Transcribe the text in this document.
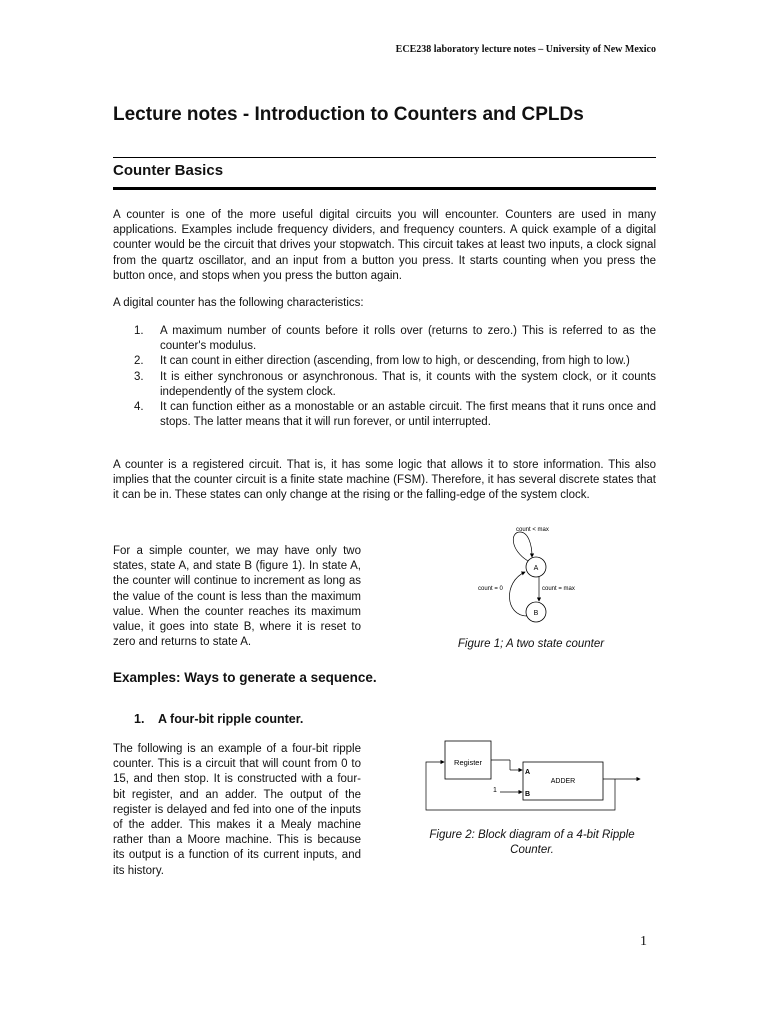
ECE238 laboratory lecture notes – University of New Mexico
Lecture notes - Introduction to Counters and CPLDs
Counter Basics
A counter is one of the more useful digital circuits you will encounter. Counters are used in many applications. Examples include frequency dividers, and frequency counters. A quick example of a digital counter would be the circuit that drives your stopwatch. This circuit takes at least two inputs, a clock signal from the quartz oscillator, and an input from a button you press. It starts counting when you press the button once, and stops when you press the button again.
A digital counter has the following characteristics:
1. A maximum number of counts before it rolls over (returns to zero.) This is referred to as the counter's modulus.
2. It can count in either direction (ascending, from low to high, or descending, from high to low.)
3. It is either synchronous or asynchronous. That is, it counts with the system clock, or it counts independently of the system clock.
4. It can function either as a monostable or an astable circuit. The first means that it runs once and stops. The latter means that it will run forever, or until interrupted.
A counter is a registered circuit. That is, it has some logic that allows it to store information. This also implies that the counter circuit is a finite state machine (FSM). Therefore, it has several discrete states that it can be in. These states can only change at the rising or the falling-edge of the system clock.
For a simple counter, we may have only two states, state A, and state B (figure 1). In state A, the counter will continue to increment as long as the value of the count is less than the maximum value. When the counter reaches its maximum value, it goes into state B, where it is reset to zero and returns to state A.
A
B
count < max
count = max
count = 0
Figure 1; A two state counter
Examples: Ways to generate a sequence.
1. A four-bit ripple counter.
The following is an example of a four-bit ripple counter. This is a circuit that will count from 0 to 15, and then stop. It is constructed with a four-bit register, and an adder. The output of the register is delayed and fed into one of the inputs of the adder. This makes it a Mealy machine rather than a Moore machine. This is because its output is a function of its current inputs, and its history.
Register
ADDER
A
1
B
Figure 2: Block diagram of a 4-bit Ripple Counter.
1
